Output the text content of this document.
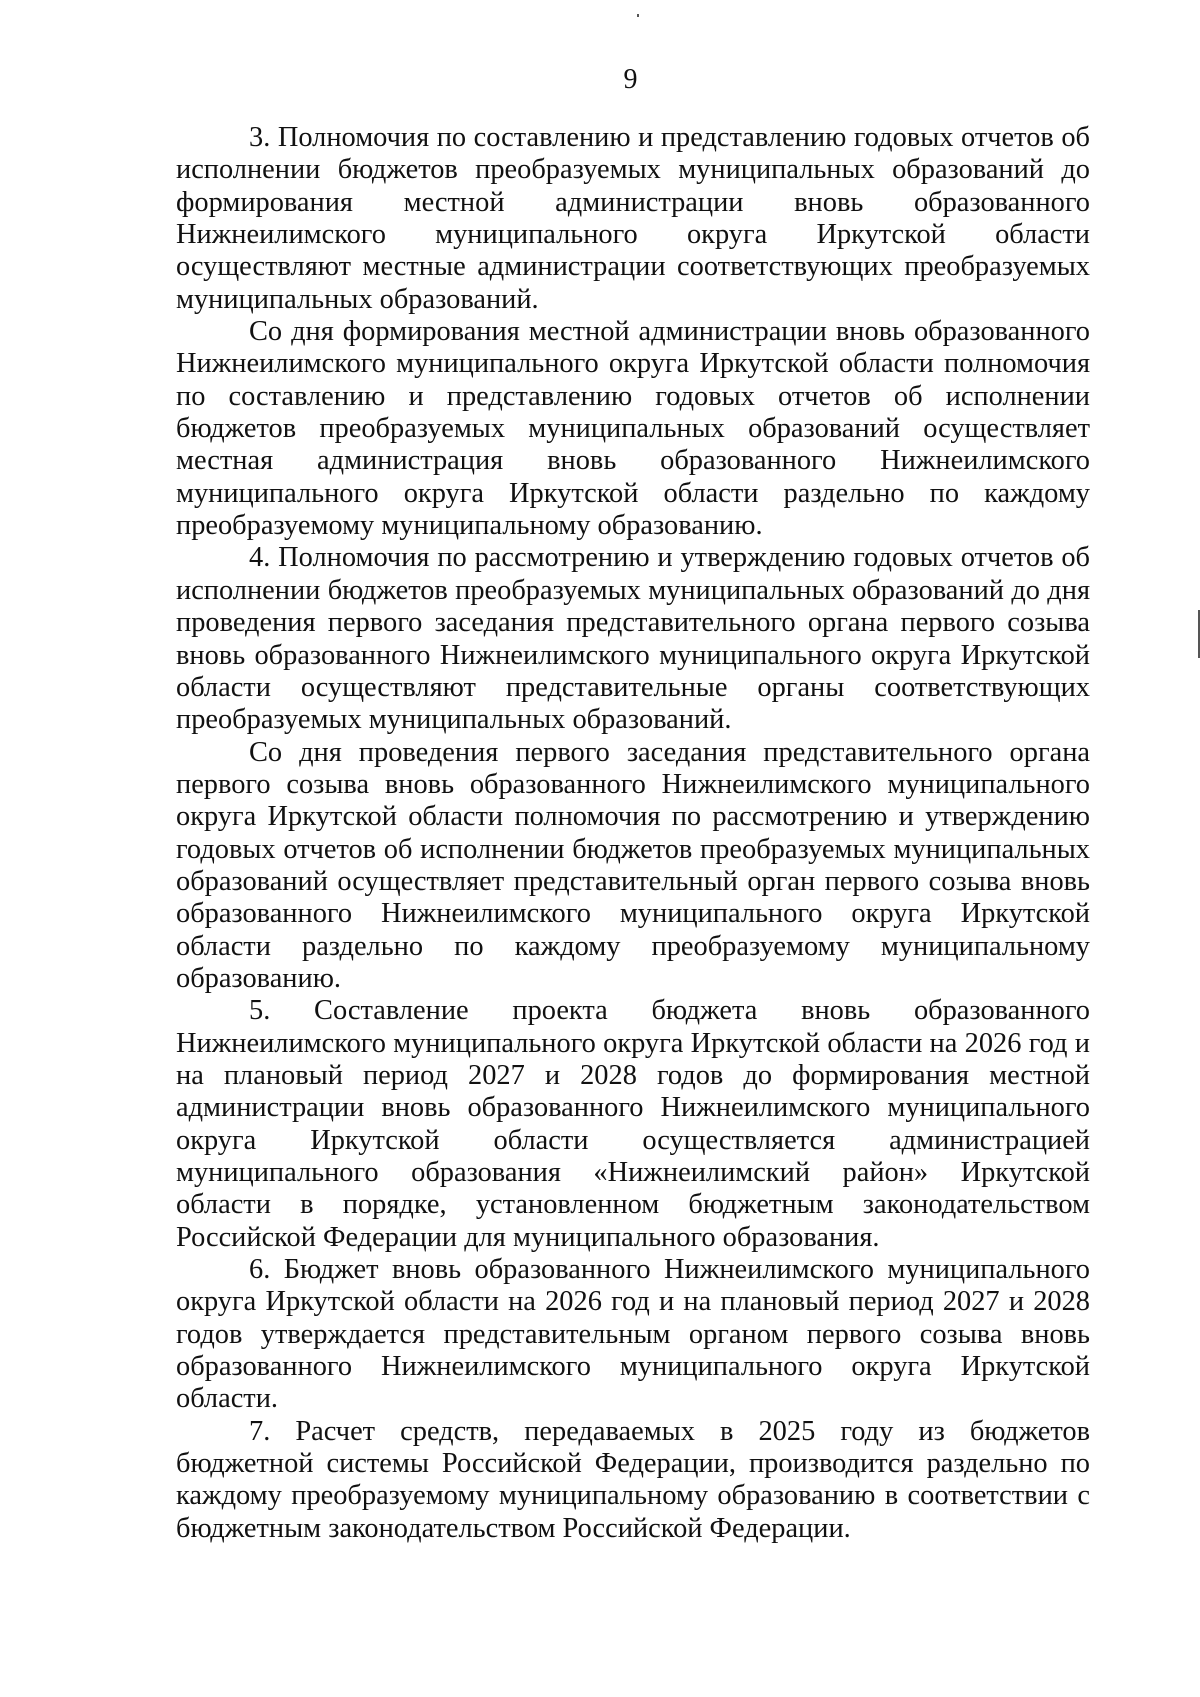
9

3. Полномочия по составлению и представлению годовых отчетов об исполнении бюджетов преобразуемых муниципальных образований до формирования местной администрации вновь образованного Нижнеилимского муниципального округа Иркутской области осуществляют местные администрации соответствующих преобразуемых муниципальных образований.

Со дня формирования местной администрации вновь образованного Нижнеилимского муниципального округа Иркутской области полномочия по составлению и представлению годовых отчетов об исполнении бюджетов преобразуемых муниципальных образований осуществляет местная администрация вновь образованного Нижнеилимского муниципального округа Иркутской области раздельно по каждому преобразуемому муниципальному образованию.

4. Полномочия по рассмотрению и утверждению годовых отчетов об исполнении бюджетов преобразуемых муниципальных образований до дня проведения первого заседания представительного органа первого созыва вновь образованного Нижнеилимского муниципального округа Иркутской области осуществляют представительные органы соответствующих преобразуемых муниципальных образований.

Со дня проведения первого заседания представительного органа первого созыва вновь образованного Нижнеилимского муниципального округа Иркутской области полномочия по рассмотрению и утверждению годовых отчетов об исполнении бюджетов преобразуемых муниципальных образований осуществляет представительный орган первого созыва вновь образованного Нижнеилимского муниципального округа Иркутской области раздельно по каждому преобразуемому муниципальному образованию.

5. Составление проекта бюджета вновь образованного Нижнеилимского муниципального округа Иркутской области на 2026 год и на плановый период 2027 и 2028 годов до формирования местной администрации вновь образованного Нижнеилимского муниципального округа Иркутской области осуществляется администрацией муниципального образования «Нижнеилимский район» Иркутской области в порядке, установленном бюджетным законодательством Российской Федерации для муниципального образования.

6. Бюджет вновь образованного Нижнеилимского муниципального округа Иркутской области на 2026 год и на плановый период 2027 и 2028 годов утверждается представительным органом первого созыва вновь образованного Нижнеилимского муниципального округа Иркутской области.

7. Расчет средств, передаваемых в 2025 году из бюджетов бюджетной системы Российской Федерации, производится раздельно по каждому преобразуемому муниципальному образованию в соответствии с бюджетным законодательством Российской Федерации.
